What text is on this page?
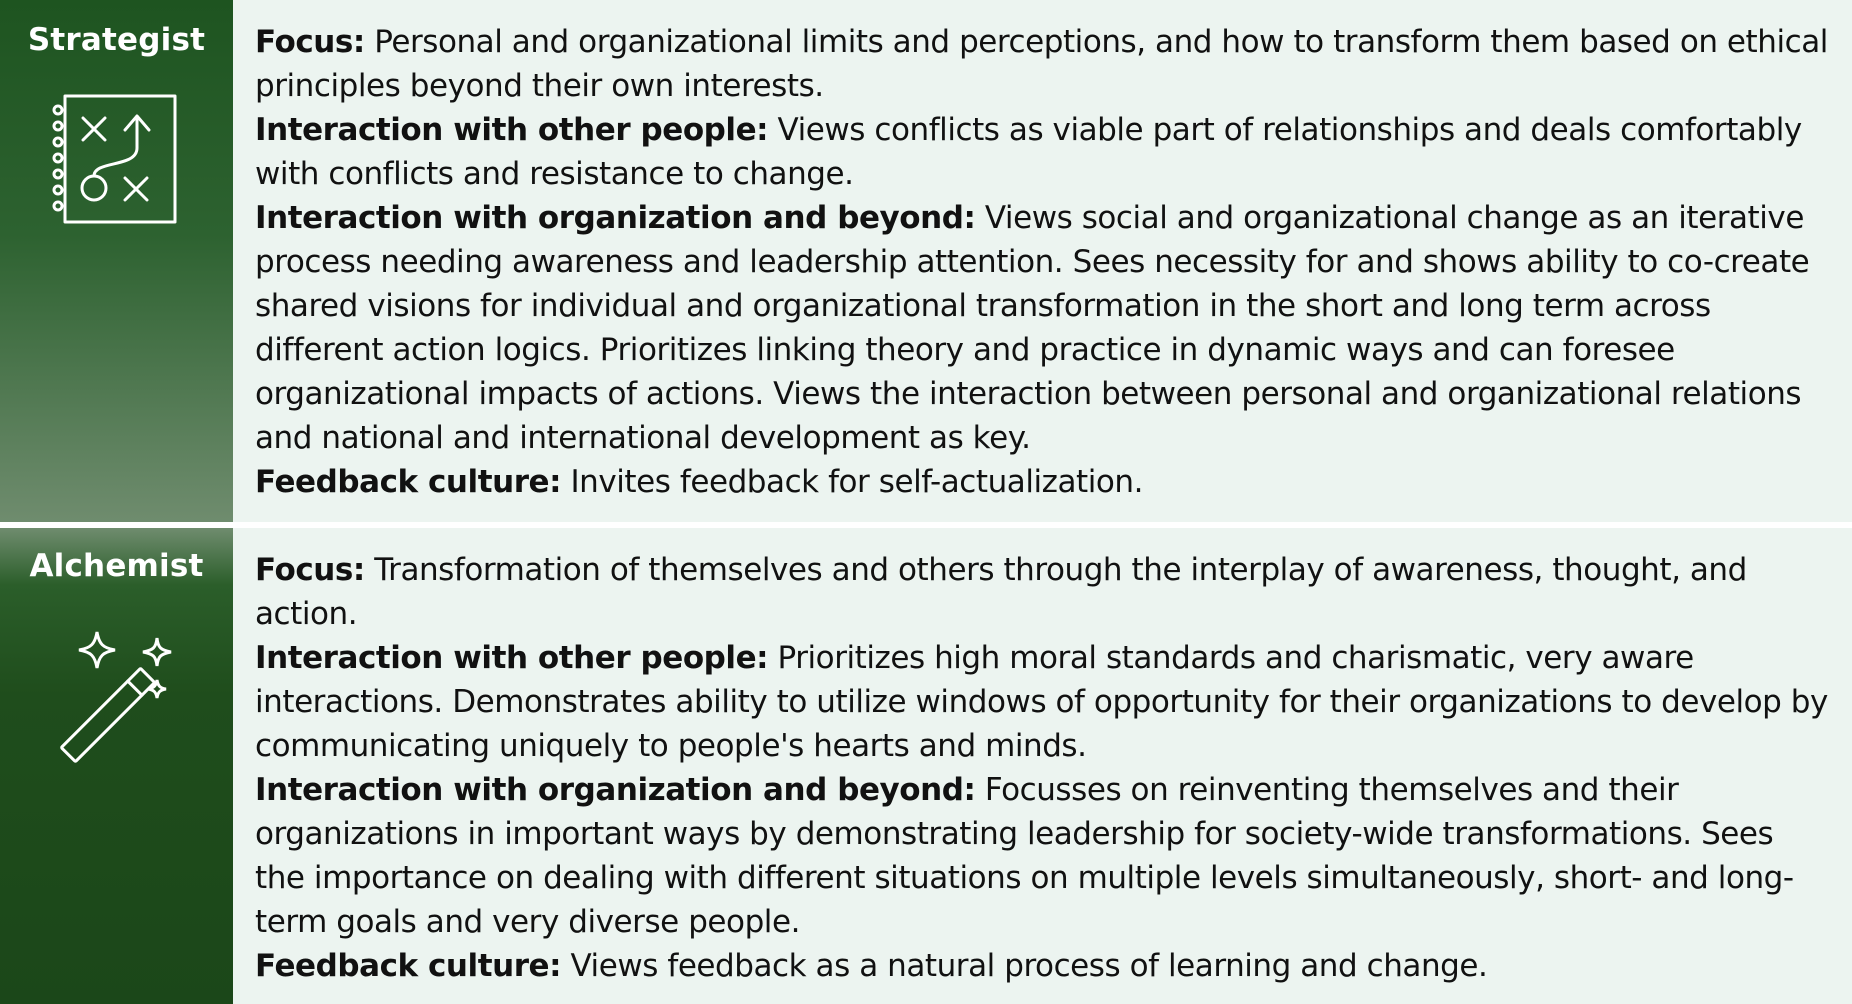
Strategist	Focus: Personal and organizational limits and perceptions, and how to transform them based on ethical principles beyond their own interests.

Interaction with other people: Views conflicts as viable part of relationships and deals comfortably with conflicts and resistance to change.

Interaction with organization and beyond: Views social and organizational change as an iterative process needing awareness and leadership attention. Sees necessity for and shows ability to co-create shared visions for individual and organizational transformation in the short and long term across different action logics. Prioritizes linking theory and practice in dynamic ways and can foresee organizational impacts of actions. Views the interaction between personal and organizational relations and national and international development as key.

Feedback culture: Invites feedback for self-actualization.

Alchemist	Focus: Transformation of themselves and others through the interplay of awareness, thought, and action.

Interaction with other people: Prioritizes high moral standards and charismatic, very aware interactions. Demonstrates ability to utilize windows of opportunity for their organizations to develop by communicating uniquely to people's hearts and minds.

Interaction with organization and beyond: Focusses on reinventing themselves and their organizations in important ways by demonstrating leadership for society-wide transformations. Sees the importance on dealing with different situations on multiple levels simultaneously, short- and long-term goals and very diverse people.

Feedback culture: Views feedback as a natural process of learning and change.
